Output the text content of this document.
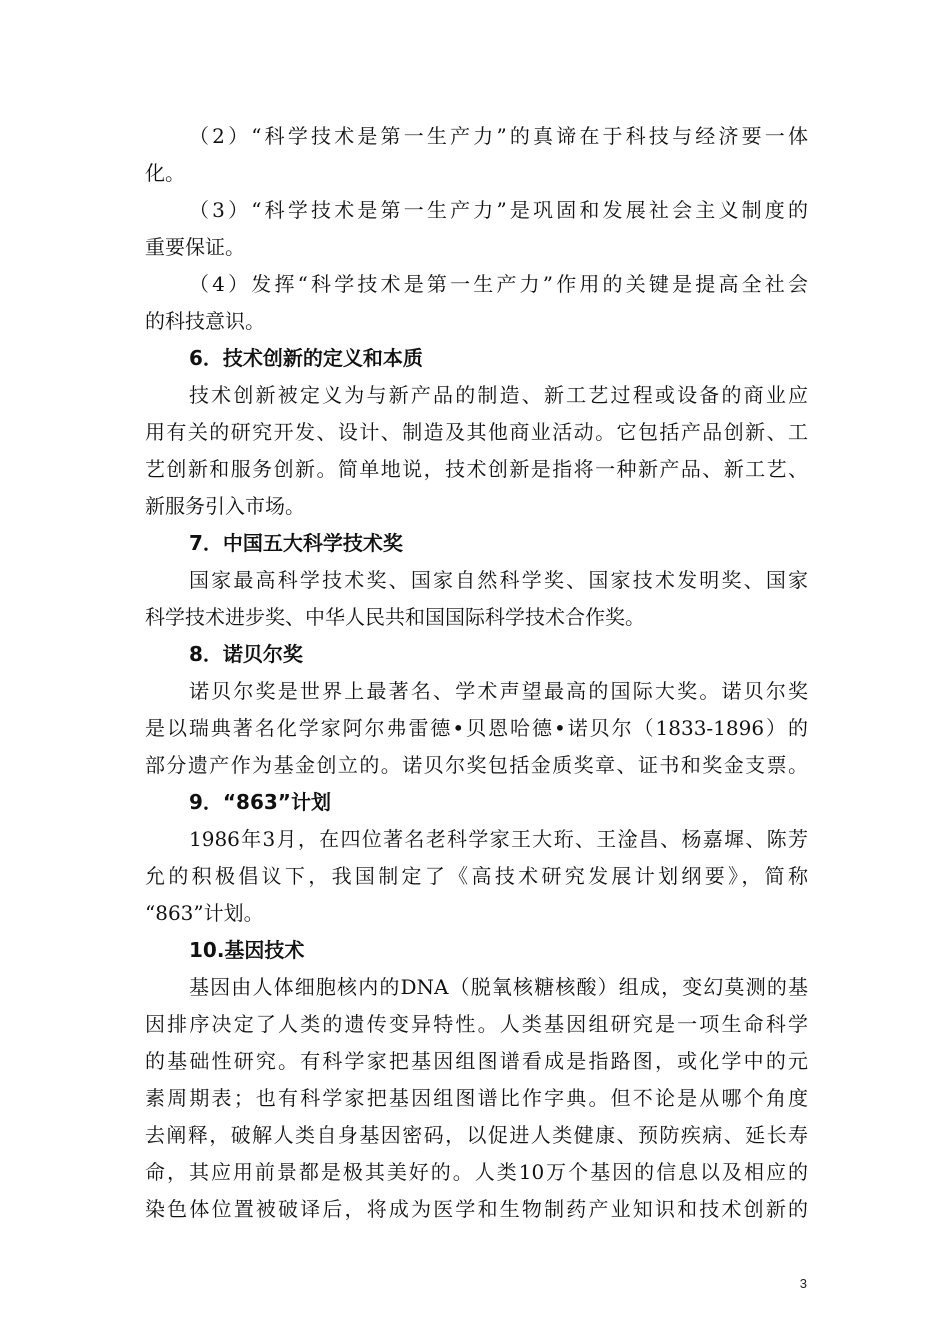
（2）“科学技术是第一生产力”的真谛在于科技与经济要一体
化。
（3）“科学技术是第一生产力”是巩固和发展社会主义制度的
重要保证。
（4）发挥“科学技术是第一生产力”作用的关键是提高全社会
的科技意识。
6．技术创新的定义和本质
技术创新被定义为与新产品的制造、新工艺过程或设备的商业应
用有关的研究开发、设计、制造及其他商业活动。它包括产品创新、工
艺创新和服务创新。简单地说，技术创新是指将一种新产品、新工艺、
新服务引入市场。
7．中国五大科学技术奖
国家最高科学技术奖、国家自然科学奖、国家技术发明奖、国家
科学技术进步奖、中华人民共和国国际科学技术合作奖。
8．诺贝尔奖
诺贝尔奖是世界上最著名、学术声望最高的国际大奖。诺贝尔奖
是以瑞典著名化学家阿尔弗雷德•贝恩哈德•诺贝尔（1833-1896）的
部分遗产作为基金创立的。诺贝尔奖包括金质奖章、证书和奖金支票。
9．“863”计划
1986年3月，在四位著名老科学家王大珩、王淦昌、杨嘉墀、陈芳
允的积极倡议下，我国制定了《高技术研究发展计划纲要》，简称
“863”计划。
10.基因技术
基因由人体细胞核内的DNA（脱氧核糖核酸）组成，变幻莫测的基
因排序决定了人类的遗传变异特性。人类基因组研究是一项生命科学
的基础性研究。有科学家把基因组图谱看成是指路图，或化学中的元
素周期表；也有科学家把基因组图谱比作字典。但不论是从哪个角度
去阐释，破解人类自身基因密码，以促进人类健康、预防疾病、延长寿
命，其应用前景都是极其美好的。人类10万个基因的信息以及相应的
染色体位置被破译后，将成为医学和生物制药产业知识和技术创新的
3
